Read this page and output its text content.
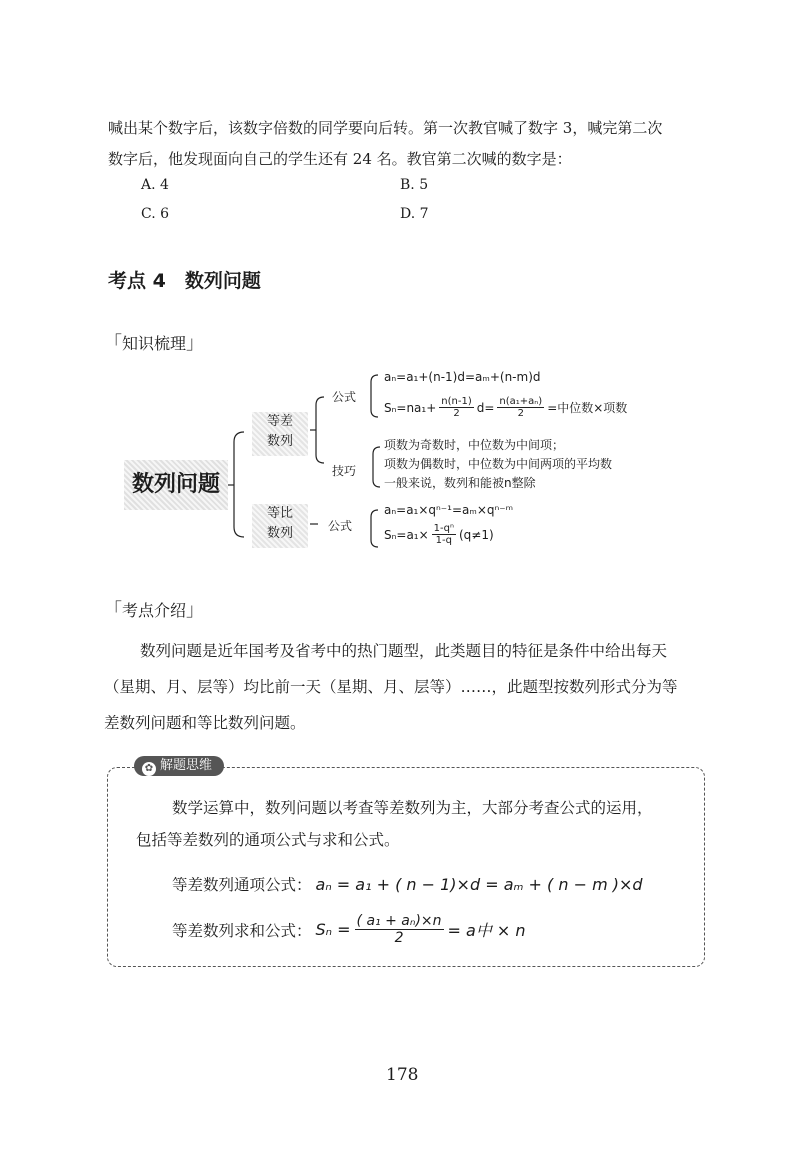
喊出某个数字后，该数字倍数的同学要向后转。第一次教官喊了数字 3，喊完第二次
数字后，他发现面向自己的学生还有 24 名。教官第二次喊的数字是：
A. 4	B. 5
C. 6	D. 7
考点 4　数列问题
「知识梳理」
数列问题
等差
数列
等比
数列
公式
技巧
公式
aₙ=a₁+(n-1)d=aₘ+(n-m)d
$S_n=na_1+ \frac{n(n-1)}{2} d= \frac{\text{n(a₁+aₙ)}}{2}$ =中位数×项数
项数为奇数时，中位数为中间项；
项数为偶数时，中位数为中间两项的平均数
一般来说，数列和能被n整除
aₙ=a₁×qⁿ⁻¹=aₘ×qⁿ⁻ᵐ
$S_n=a_1\times \frac{\text{1-qⁿ}}{1-q} (q\ne 1)$
「考点介绍」
数列问题是近年国考及省考中的热门题型，此类题目的特征是条件中给出每天
（星期、月、层等）均比前一天（星期、月、层等）……，此题型按数列形式分为等
差数列问题和等比数列问题。
✿ 解题思维
数学运算中，数列问题以考查等差数列为主，大部分考查公式的运用，
包括等差数列的通项公式与求和公式。
等差数列通项公式： aₙ = a₁ + ( n − 1)×d = aₘ + ( n − m )×d
等差数列求和公式： $S_n = \frac{\text{( a₁ + aₙ)×n}}{2} = a$中 × n
178
